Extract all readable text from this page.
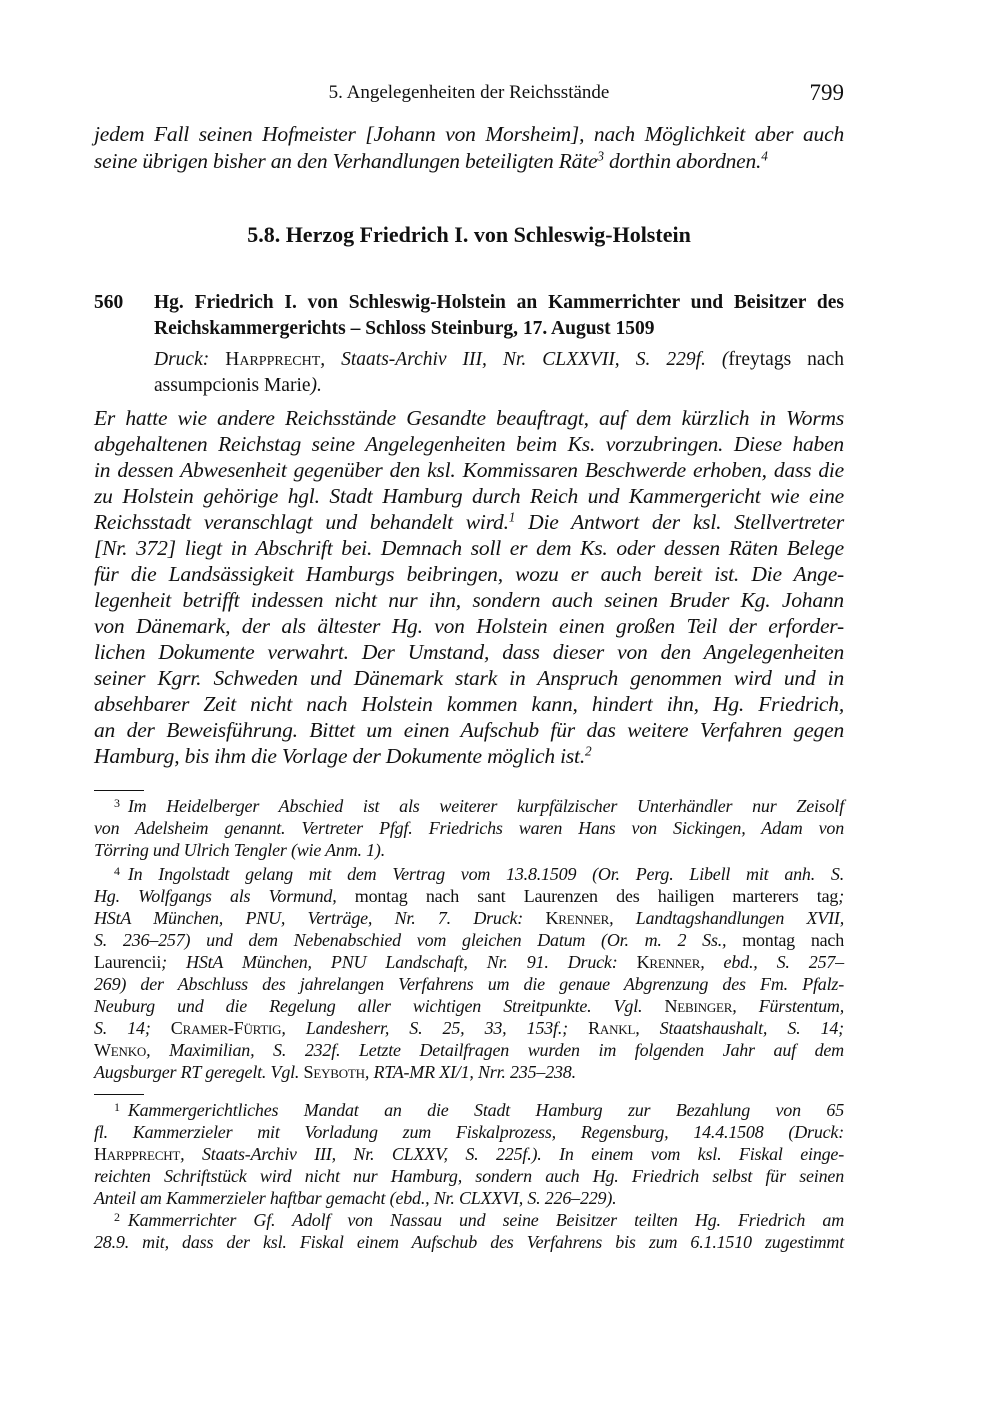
5. Angelegenheiten der Reichsstände	799
jedem Fall seinen Hofmeister [Johann von Morsheim], nach Möglichkeit aber auch
seine übrigen bisher an den Verhandlungen beteiligten Räte$^3$ dorthin abordnen.$^4$
5.8. Herzog Friedrich I. von Schleswig-Holstein
560 Hg. Friedrich I. von Schleswig-Holstein an Kammerrichter und Beisitzer des
Reichskammergerichts – Schloss Steinburg, 17. August 1509
Druck: Harpprecht, Staats-Archiv III, Nr. CLXXVII, S. 229f. (freytags nach
assumpcionis Marie).
Er hatte wie andere Reichsstände Gesandte beauftragt, auf dem kürzlich in Worms
abgehaltenen Reichstag seine Angelegenheiten beim Ks. vorzubringen. Diese haben
in dessen Abwesenheit gegenüber den ksl. Kommissaren Beschwerde erhoben, dass die
zu Holstein gehörige hgl. Stadt Hamburg durch Reich und Kammergericht wie eine
Reichsstadt veranschlagt und behandelt wird.$^1$ Die Antwort der ksl. Stellvertreter
[Nr. 372] liegt in Abschrift bei. Demnach soll er dem Ks. oder dessen Räten Belege
für die Landsässigkeit Hamburgs beibringen, wozu er auch bereit ist. Die Ange-
legenheit betrifft indessen nicht nur ihn, sondern auch seinen Bruder Kg. Johann
von Dänemark, der als ältester Hg. von Holstein einen großen Teil der erforder-
lichen Dokumente verwahrt. Der Umstand, dass dieser von den Angelegenheiten
seiner Kgrr. Schweden und Dänemark stark in Anspruch genommen wird und in
absehbarer Zeit nicht nach Holstein kommen kann, hindert ihn, Hg. Friedrich,
an der Beweisführung. Bittet um einen Aufschub für das weitere Verfahren gegen
Hamburg, bis ihm die Vorlage der Dokumente möglich ist.$^2$
$^3$ Im Heidelberger Abschied ist als weiterer kurpfälzischer Unterhändler nur Zeisolf
von Adelsheim genannt. Vertreter Pfgf. Friedrichs waren Hans von Sickingen, Adam von
Törring und Ulrich Tengler (wie Anm. 1).
$^4$ In Ingolstadt gelang mit dem Vertrag vom 13.8.1509 (Or. Perg. Libell mit anh. S.
Hg. Wolfgangs als Vormund, montag nach sant Laurenzen des hailigen marterers tag;
HStA München, PNU, Verträge, Nr. 7. Druck: Krenner, Landtagshandlungen XVII,
S. 236–257) und dem Nebenabschied vom gleichen Datum (Or. m. 2 Ss., montag nach
Laurencii; HStA München, PNU Landschaft, Nr. 91. Druck: Krenner, ebd., S. 257–
269) der Abschluss des jahrelangen Verfahrens um die genaue Abgrenzung des Fm. Pfalz-
Neuburg und die Regelung aller wichtigen Streitpunkte. Vgl. Nebinger, Fürstentum,
S. 14; Cramer-Fürtig, Landesherr, S. 25, 33, 153f.; Rankl, Staatshaushalt, S. 14;
Wenko, Maximilian, S. 232f. Letzte Detailfragen wurden im folgenden Jahr auf dem
Augsburger RT geregelt. Vgl. Seyboth, RTA-MR XI/1, Nrr. 235–238.
$^1$ Kammergerichtliches Mandat an die Stadt Hamburg zur Bezahlung von 65
fl. Kammerzieler mit Vorladung zum Fiskalprozess, Regensburg, 14.4.1508 (Druck:
Harpprecht, Staats-Archiv III, Nr. CLXXV, S. 225f.). In einem vom ksl. Fiskal einge-
reichten Schriftstück wird nicht nur Hamburg, sondern auch Hg. Friedrich selbst für seinen
Anteil am Kammerzieler haftbar gemacht (ebd., Nr. CLXXVI, S. 226–229).
$^2$ Kammerrichter Gf. Adolf von Nassau und seine Beisitzer teilten Hg. Friedrich am
28.9. mit, dass der ksl. Fiskal einem Aufschub des Verfahrens bis zum 6.1.1510 zugestimmt
